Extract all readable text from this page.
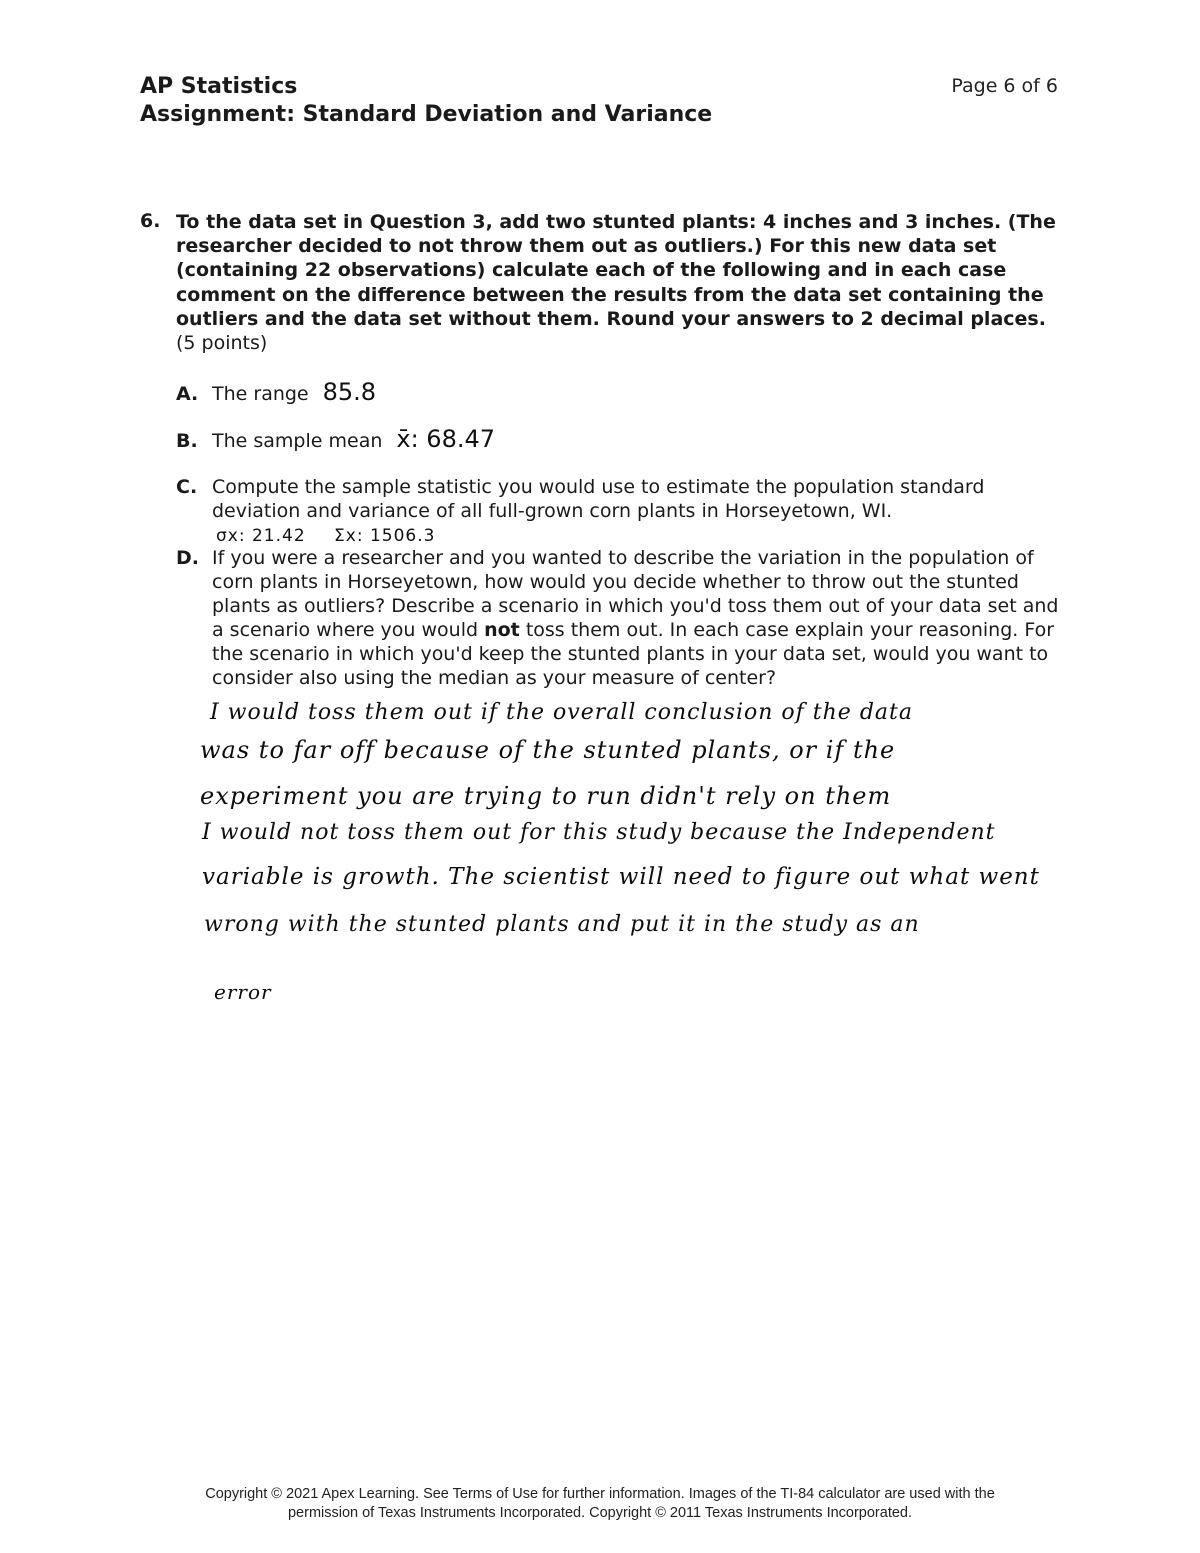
AP Statistics
Assignment: Standard Deviation and Variance
Page 6 of 6
6. To the data set in Question 3, add two stunted plants: 4 inches and 3 inches. (The researcher decided to not throw them out as outliers.) For this new data set (containing 22 observations) calculate each of the following and in each case comment on the difference between the results from the data set containing the outliers and the data set without them. Round your answers to 2 decimal places. (5 points)
A. The range 85.8
B. The sample mean x̄: 68.47
C. Compute the sample statistic you would use to estimate the population standard deviation and variance of all full-grown corn plants in Horseyetown, WI.
σx: 21.42 Σx: 1506.3
D. If you were a researcher and you wanted to describe the variation in the population of corn plants in Horseyetown, how would you decide whether to throw out the stunted plants as outliers? Describe a scenario in which you'd toss them out of your data set and a scenario where you would not toss them out. In each case explain your reasoning. For the scenario in which you'd keep the stunted plants in your data set, would you want to consider also using the median as your measure of center?
I would toss them out if the overall conclusion of the data
was to far off because of the stunted plants, or if the
experiment you are trying to run didn't rely on them
I would not toss them out for this study because the Independent
variable is growth. The scientist will need to figure out what went
wrong with the stunted plants and put it in the study as an
error
Copyright © 2021 Apex Learning. See Terms of Use for further information. Images of the TI-84 calculator are used with the
permission of Texas Instruments Incorporated. Copyright © 2011 Texas Instruments Incorporated.
